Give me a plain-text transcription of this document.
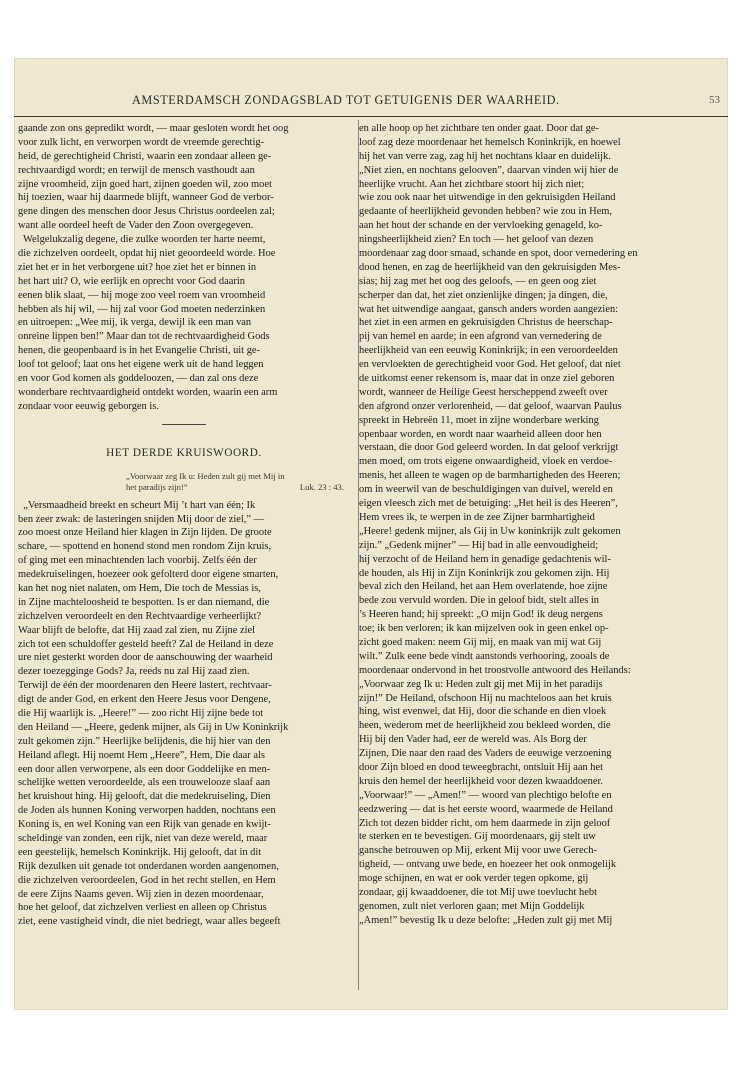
AMSTERDAMSCH ZONDAGSBLAD TOT GETUIGENIS DER WAARHEID.	53
gaande zon ons gepredikt wordt, — maar gesloten wordt het oog
voor zulk licht, en verworpen wordt de vreemde gerechtig-
heid, de gerechtigheid Christi, waarin een zondaar alleen ge-
rechtvaardigd wordt; en terwijl de mensch vasthoudt aan
zijne vroomheid, zijn goed hart, zijnen goeden wil, zoo moet
hij toezien, waar hij daarmede blijft, wanneer God de verbor-
gene dingen des menschen door Jesus Christus oordeelen zal;
want alle oordeel heeft de Vader den Zoon overgegeven.
Welgelukzalig degene, die zulke woorden ter harte neemt,
die zichzelven oordeelt, opdat hij niet geoordeeld worde. Hoe
ziet het er in het verborgene uit? hoe ziet het er binnen in
het hart uit? O, wie eerlijk en oprecht voor God daarin
eenen blik slaat, — hij moge zoo veel roem van vroomheid
hebben als hij wil, — hij zal voor God moeten nederzinken
en uitroepen: „Wee mij, ik verga, dewijl ik een man van
onreine lippen ben!” Maar dan tot de rechtvaardigheid Gods
henen, die geopenbaard is in het Evangelie Christi, uit ge-
loof tot geloof; laat ons het eigene werk uit de hand leggen
en voor God komen als goddeloozen, — dan zal ons deze
wonderbare rechtvaardigheid ontdekt worden, waarin een arm
zondaar voor eeuwig geborgen is.
HET DERDE KRUISWOORD.
„Voorwaar zeg Ik u: Heden zult gij met Mij in
het paradijs zijn!”	Luk. 23 : 43.
„Versmaadheid breekt en scheurt Mij ’t hart van één; Ik
ben zeer zwak: de lasteringen snijden Mij door de ziel,” —
zoo moest onze Heiland hier klagen in Zijn lijden. De groote
schare, — spottend en honend stond men rondom Zijn kruis,
of ging met een minachtenden lach voorbij. Zelfs één der
medekruiselingen, hoezeer ook gefolterd door eigene smarten,
kan het nog niet nalaten, om Hem, Die toch de Messias is,
in Zijne machteloosheid te bespotten. Is er dan niemand, die
zichzelven veroordeelt en den Rechtvaardige verheerlijkt?
Waar blijft de belofte, dat Hij zaad zal zien, nu Zijne ziel
zich tot een schuldoffer gesteld heeft? Zal de Heiland in deze
ure niet gesterkt worden door de aanschouwing der waarheid
dezer toezegginge Gods? Ja, reeds nu zal Hij zaad zien.
Terwijl de één der moordenaren den Heere lastert, rechtvaar-
digt de ander God, en erkent den Heere Jesus voor Dengene,
die Hij waarlijk is. „Heere!” — zoo richt Hij zijne bede tot
den Heiland — „Heere, gedenk mijner, als Gij in Uw Koninkrijk
zult gekomen zijn.” Heerlijke belijdenis, die hij hier van den
Heiland aflegt. Hij noemt Hem „Heere”, Hem, Die daar als
een door allen verworpene, als een door Goddelijke en men-
schelijke wetten veroordeelde, als een trouwelooze slaaf aan
het kruishout hing. Hij gelooft, dat die medekruiseling, Dien
de Joden als hunnen Koning verworpen hadden, nochtans een
Koning is, en wel Koning van een Rijk van genade en kwijt-
scheldinge van zonden, een rijk, niet van deze wereld, maar
een geestelijk, hemelsch Koninkrijk. Hij gelooft, dat in dit
Rijk dezulken uit genade tot onderdanen worden aangenomen,
die zichzelven veroordeelen, God in het recht stellen, en Hem
de eere Zijns Naams geven. Wij zien in dezen moordenaar,
hoe het geloof, dat zichzelven verliest en alleen op Christus
ziet, eene vastigheid vindt, die niet bedriegt, waar alles begeeft
en alle hoop op het zichtbare ten onder gaat. Door dat ge-
loof zag deze moordenaar het hemelsch Koninkrijk, en hoewel
hij het van verre zag, zag hij het nochtans klaar en duidelijk.
„Niet zien, en nochtans gelooven”, daarvan vinden wij hier de
heerlijke vrucht. Aan het zichtbare stoort hij zich niet;
wie zou ook naar het uitwendige in den gekruisigden Heiland
gedaante of heerlijkheid gevonden hebben? wie zou in Hem,
aan het hout der schande en der vervloeking genageld, ko-
ningsheerlijkheid zien? En toch — het geloof van dezen
moordenaar zag door smaad, schande en spot, door vernedering en
dood henen, en zag de heerlijkheid van den gekruisigden Mes-
sias; hij zag met het oog des geloofs, — en geen oog ziet
scherper dan dat, het ziet onzienlijke dingen; ja dingen, die,
wat het uitwendige aangaat, gansch anders worden aangezien:
het ziet in een armen en gekruisigden Christus de heerschap-
pij van hemel en aarde; in een afgrond van vernedering de
heerlijkheid van een eeuwig Koninkrijk; in een veroordeelden
en vervloekten de gerechtigheid voor God. Het geloof, dat niet
de uitkomst eener rekensom is, maar dat in onze ziel geboren
wordt, wanneer de Heilige Geest herscheppend zweeft over
den afgrond onzer verlorenheid, — dat geloof, waarvan Paulus
spreekt in Hebreën 11, moet in zijne wonderbare werking
openbaar worden, en wordt naar waarheid alleen door hen
verstaan, die door God geleerd worden. In dat geloof verkrijgt
men moed, om trots eigene onwaardigheid, vloek en verdoe-
menis, het alleen te wagen op de barmhartigheden des Heeren;
om in weerwil van de beschuldigingen van duivel, wereld en
eigen vleesch zich met de betuiging: „Het heil is des Heeren”,
Hem vrees ik, te werpen in de zee Zijner barmhartigheid
„Heere! gedenk mijner, als Gij in Uw koninkrijk zult gekomen
zijn.” „Gedenk mijner” — Hij bad in alle eenvoudigheid;
hij verzocht of de Heiland hem in genadige gedachtenis wil-
de houden, als Hij in Zijn Koninkrijk zou gekomen zijn. Hij
beval zich den Heiland, het aan Hem overlatende, hoe zijne
bede zou vervuld worden. Die in geloof bidt, stelt alles in
’s Heeren hand; hij spreekt: „O mijn God! ik deug nergens
toe; ik ben verloren; ik kan mijzelven ook in geen enkel op-
zicht goed maken: neem Gij mij, en maak van mij wat Gij
wilt.” Zulk eene bede vindt aanstonds verhooring, zooals de
moordenaar ondervond in het troostvolle antwoord des Heilands:
„Voorwaar zeg Ik u: Heden zult gij met Mij in het paradijs
zijn!” De Heiland, ofschoon Hij nu machteloos aan het kruis
hing, wist evenwel, dat Hij, door die schande en dien vloek
heen, wederom met de heerlijkheid zou bekleed worden, die
Hij bij den Vader had, eer de wereld was. Als Borg der
Zijnen, Die naar den raad des Vaders de eeuwige verzoening
door Zijn bloed en dood teweegbracht, ontsluit Hij aan het
kruis den hemel der heerlijkheid voor dezen kwaaddoener.
„Voorwaar!” — „Amen!” — woord van plechtigo belofte en
eedzwering — dat is het eerste woord, waarmede de Heiland
Zich tot dezen bidder richt, om hem daarmede in zijn geloof
te sterken en te bevestigen. Gij moordenaars, gij stelt uw
gansche betrouwen op Mij, erkent Mij voor uwe Gerech-
tigheid, — ontvang uwe bede, en hoezeer het ook onmogelijk
moge schijnen, en wat er ook verder tegen opkome, gij
zondaar, gij kwaaddoener, die tot Mij uwe toevlucht hebt
genomen, zult niet verloren gaan; met Mijn Goddelijk
„Amen!” bevestig Ik u deze belofte: „Heden zult gij met Mij
